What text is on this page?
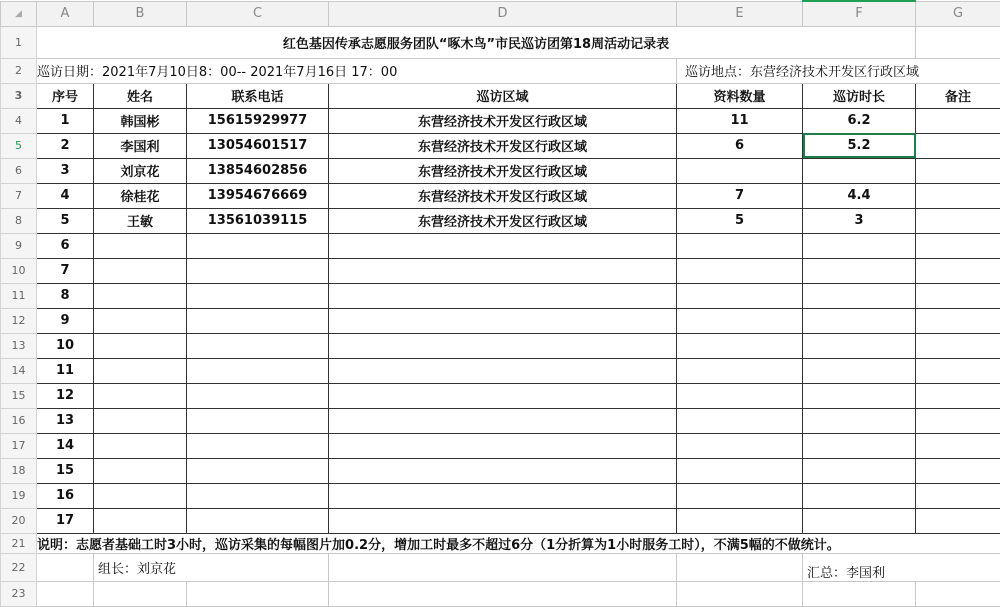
◢	A	B	C	D	E	F	G
1	红色基因传承志愿服务团队“啄木鸟”市民巡访团第18周活动记录表						
2	巡访日期：2021年7月10日8：00-- 2021年7月16日 17：00				巡访地点：东营经济技术开发区行政区域		
3	序号	姓名	联系电话	巡访区域	资料数量	巡访时长	备注
4	1	韩国彬	15615929977	东营经济技术开发区行政区域	11	6.2	
5	2	李国利	13054601517	东营经济技术开发区行政区域	6	5.2	
6	3	刘京花	13854602856	东营经济技术开发区行政区域			
7	4	徐桂花	13954676669	东营经济技术开发区行政区域	7	4.4	
8	5	王敏	13561039115	东营经济技术开发区行政区域	5	3	
9	6						
10	7						
11	8						
12	9						
13	10						
14	11						
15	12						
16	13						
17	14						
18	15						
19	16						
20	17						
21	说明：志愿者基础工时3小时，巡访采集的每幅图片加0.2分，增加工时最多不超过6分（1分折算为1小时服务工时），不满5幅的不做统计。						
22		组长：刘京花				汇总：李国利	
23							
